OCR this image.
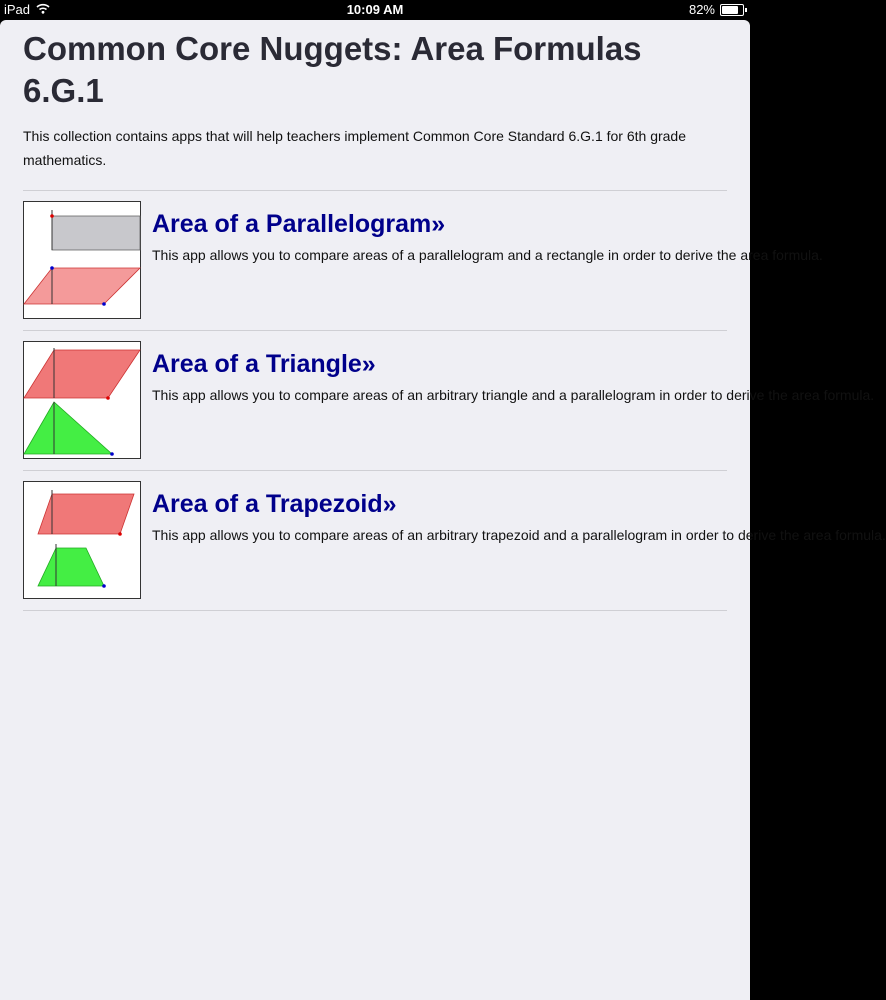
iPad	10:09 AM	82%
Common Core Nuggets: Area Formulas 6.G.1
This collection contains apps that will help teachers implement Common Core Standard 6.G.1 for 6th grade mathematics.
Area of a Parallelogram»
This app allows you to compare areas of a parallelogram and a rectangle in order to derive the area formula.
Area of a Triangle»
This app allows you to compare areas of an arbitrary triangle and a parallelogram in order to derive the area formula.
Area of a Trapezoid»
This app allows you to compare areas of an arbitrary trapezoid and a parallelogram in order to derive the area formula.
